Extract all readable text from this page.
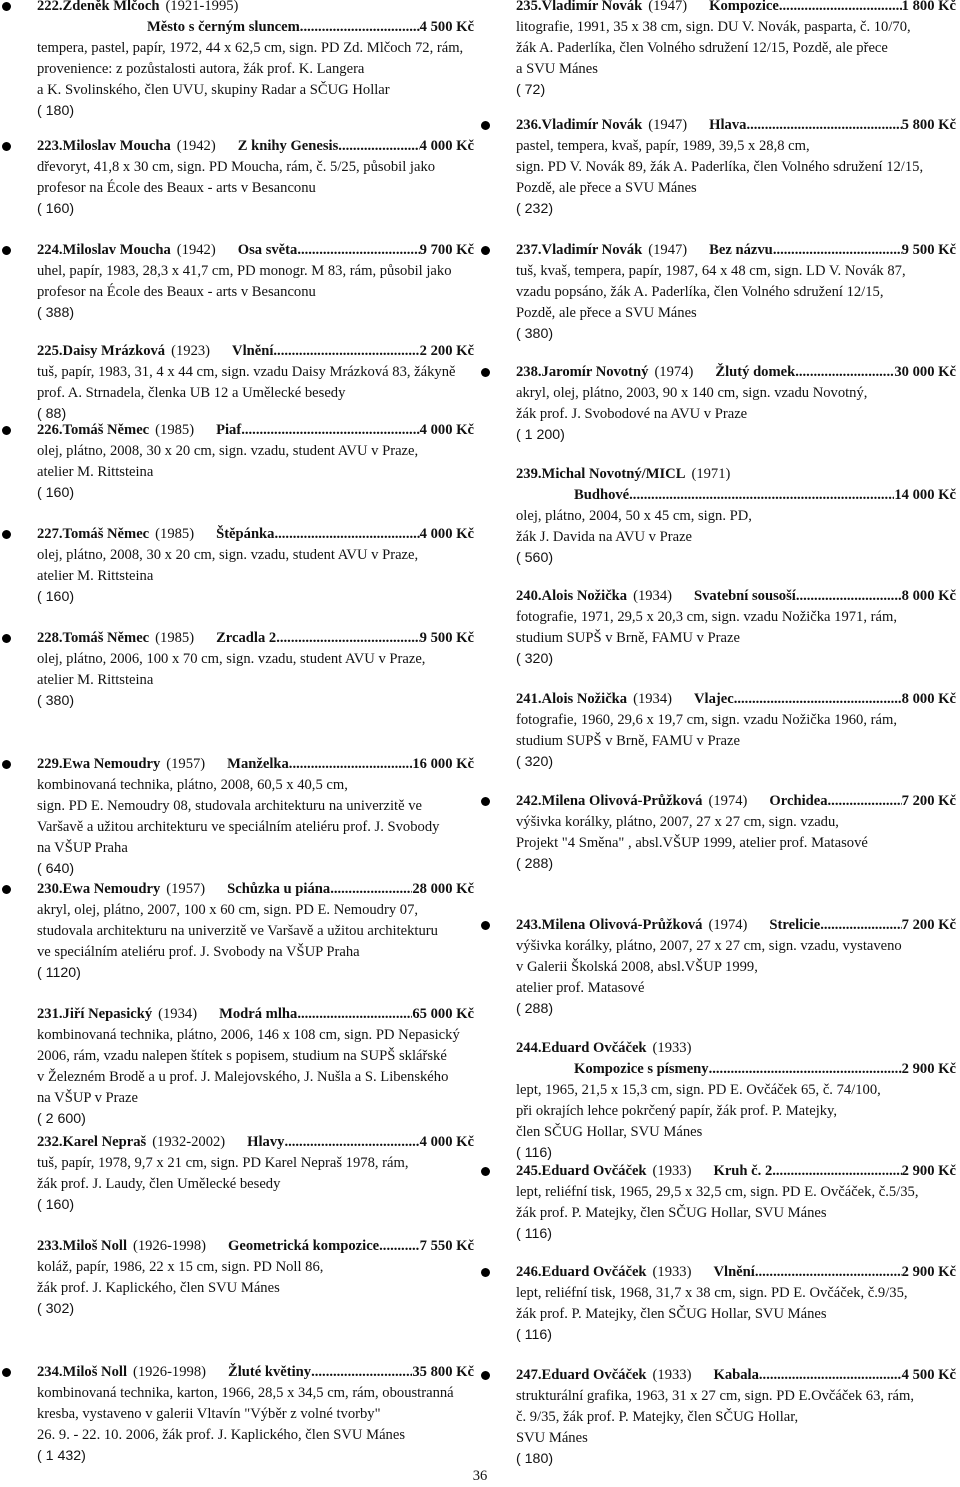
222. Zdeněk Mlčoch (1921-1995)
Město s černým sluncem .....	4 500 Kč
tempera, pastel, papír, 1972, 44 x 62,5 cm, sign. PD Zd. Mlčoch 72, rám,
provenience: z pozůstalosti autora, žák prof. K. Langera
a K. Svolinského, člen UVU, skupiny Radar a SČUG Hollar
( 180)
223. Miloslav Moucha (1942) Z knihy Genesis .....	4 000 Kč
dřevoryt, 41,8 x 30 cm, sign. PD Moucha, rám, č. 5/25, působil jako
profesor na École des Beaux - arts v Besanconu
( 160)
224. Miloslav Moucha (1942) Osa světa .....	9 700 Kč
uhel, papír, 1983, 28,3 x 41,7 cm, PD monogr. M 83, rám, působil jako
profesor na École des Beaux - arts v Besanconu
( 388)
225. Daisy Mrázková (1923) Vlnění .....	2 200 Kč
tuš, papír, 1983, 31, 4 x 44 cm, sign. vzadu Daisy Mrázková 83, žákyně
prof. A. Strnadela, členka UB 12 a Umělecké besedy
( 88)
226. Tomáš Němec (1985) Piaf .....	4 000 Kč
olej, plátno, 2008, 30 x 20 cm, sign. vzadu, student AVU v Praze,
atelier M. Rittsteina
( 160)
227. Tomáš Němec (1985) Štěpánka .....	4 000 Kč
olej, plátno, 2008, 30 x 20 cm, sign. vzadu, student AVU v Praze,
atelier M. Rittsteina
( 160)
228. Tomáš Němec (1985) Zrcadla 2 .....	9 500 Kč
olej, plátno, 2006, 100 x 70 cm, sign. vzadu, student AVU v Praze,
atelier M. Rittsteina
( 380)
229. Ewa Nemoudry (1957) Manželka .....	16 000 Kč
kombinovaná technika, plátno, 2008, 60,5 x 40,5 cm,
sign. PD E. Nemoudry 08, studovala architekturu na univerzitě ve
Varšavě a užitou architekturu ve speciálním ateliéru prof. J. Svobody
na VŠUP Praha
( 640)
230. Ewa Nemoudry (1957) Schůzka u piána .....	28 000 Kč
akryl, olej, plátno, 2007, 100 x 60 cm, sign. PD E. Nemoudry 07,
studovala architekturu na univerzitě ve Varšavě a užitou architekturu
ve speciálním ateliéru prof. J. Svobody na VŠUP Praha
( 1120)
231. Jiří Nepasický (1934) Modrá mlha .....	65 000 Kč
kombinovaná technika, plátno, 2006, 146 x 108 cm, sign. PD Nepasický
2006, rám, vzadu nalepen štítek s popisem, studium na SUPŠ sklářské
v Železném Brodě a u prof. J. Malejovského, J. Nušla a S. Libenského
na VŠUP v Praze
( 2 600)
232. Karel Nepraš (1932-2002) Hlavy .....	4 000 Kč
tuš, papír, 1978, 9,7 x 21 cm, sign. PD Karel Nepraš 1978, rám,
žák prof. J. Laudy, člen Umělecké besedy
( 160)
233. Miloš Noll (1926-1998) Geometrická kompozice .....	7 550 Kč
koláž, papír, 1986, 22 x 15 cm, sign. PD Noll 86,
žák prof. J. Kaplického, člen SVU Mánes
( 302)
234. Miloš Noll (1926-1998) Žluté květiny .....	35 800 Kč
kombinovaná technika, karton, 1966, 28,5 x 34,5 cm, rám, oboustranná
kresba, vystaveno v galerii Vltavín "Výběr z volné tvorby"
26. 9. - 22. 10. 2006, žák prof. J. Kaplického, člen SVU Mánes
( 1 432)
235. Vladimír Novák (1947) Kompozice .....	1 800 Kč
litografie, 1991, 35 x 38 cm, sign. DU V. Novák, pasparta, č. 10/70,
žák A. Paderlíka, člen Volného sdružení 12/15, Pozdě, ale přece
a SVU Mánes
( 72)
236. Vladimír Novák (1947) Hlava .....	5 800 Kč
pastel, tempera, kvaš, papír, 1989, 39,5 x 28,8 cm,
sign. PD V. Novák 89, žák A. Paderlíka, člen Volného sdružení 12/15,
Pozdě, ale přece a SVU Mánes
( 232)
237. Vladimír Novák (1947) Bez názvu .....	9 500 Kč
tuš, kvaš, tempera, papír, 1987, 64 x 48 cm, sign. LD V. Novák 87,
vzadu popsáno, žák A. Paderlíka, člen Volného sdružení 12/15,
Pozdě, ale přece a SVU Mánes
( 380)
238. Jaromír Novotný (1974) Žlutý domek .....	30 000 Kč
akryl, olej, plátno, 2003, 90 x 140 cm, sign. vzadu Novotný,
žák prof. J. Svobodové na AVU v Praze
( 1 200)
239. Michal Novotný/MICL (1971)
Budhové .....	14 000 Kč
olej, plátno, 2004, 50 x 45 cm, sign. PD,
žák J. Davida na AVU v Praze
( 560)
240. Alois Nožička (1934) Svatební sousoší .....	8 000 Kč
fotografie, 1971, 29,5 x 20,3 cm, sign. vzadu Nožička 1971, rám,
studium SUPŠ v Brně, FAMU v Praze
( 320)
241. Alois Nožička (1934) Vlajec .....	8 000 Kč
fotografie, 1960, 29,6 x 19,7 cm, sign. vzadu Nožička 1960, rám,
studium SUPŠ v Brně, FAMU v Praze
( 320)
242. Milena Olivová-Průžková (1974) Orchidea .....	7 200 Kč
výšivka korálky, plátno, 2007, 27 x 27 cm, sign. vzadu,
Projekt "4 Směna" , absl.VŠUP 1999, atelier prof. Matasové
( 288)
243. Milena Olivová-Průžková (1974) Strelicie .....	7 200 Kč
výšivka korálky, plátno, 2007, 27 x 27 cm, sign. vzadu, vystaveno
v Galerii Školská 2008, absl.VŠUP 1999,
atelier prof. Matasové
( 288)
244. Eduard Ovčáček (1933)
Kompozice s písmeny .....	2 900 Kč
lept, 1965, 21,5 x 15,3 cm, sign. PD E. Ovčáček 65, č. 74/100,
při okrajích lehce pokrčený papír, žák prof. P. Matejky,
člen SČUG Hollar, SVU Mánes
( 116)
245. Eduard Ovčáček (1933) Kruh č. 2 .....	2 900 Kč
lept, reliéfní tisk, 1965, 29,5 x 32,5 cm, sign. PD E. Ovčáček, č.5/35,
žák prof. P. Matejky, člen SČUG Hollar, SVU Mánes
( 116)
246. Eduard Ovčáček (1933) Vlnění .....	2 900 Kč
lept, reliéfní tisk, 1968, 31,7 x 38 cm, sign. PD E. Ovčáček, č.9/35,
žák prof. P. Matejky, člen SČUG Hollar, SVU Mánes
( 116)
247. Eduard Ovčáček (1933) Kabala .....	4 500 Kč
strukturální grafika, 1963, 31 x 27 cm, sign. PD E.Ovčáček 63, rám,
č. 9/35, žák prof. P. Matejky, člen SČUG Hollar,
SVU Mánes
( 180)
36
